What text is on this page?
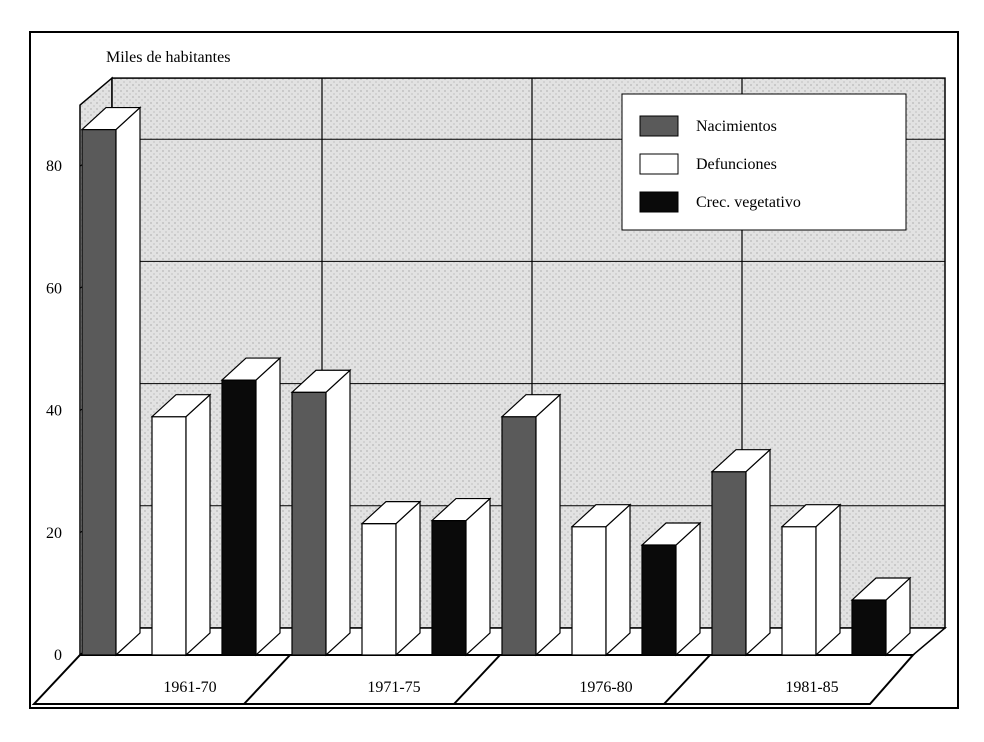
Miles de habitantes
0
20
40
60
80
1961-70	1971-75	1976-80	1981-85
Nacimientos
Defunciones
Crec. vegetativo
